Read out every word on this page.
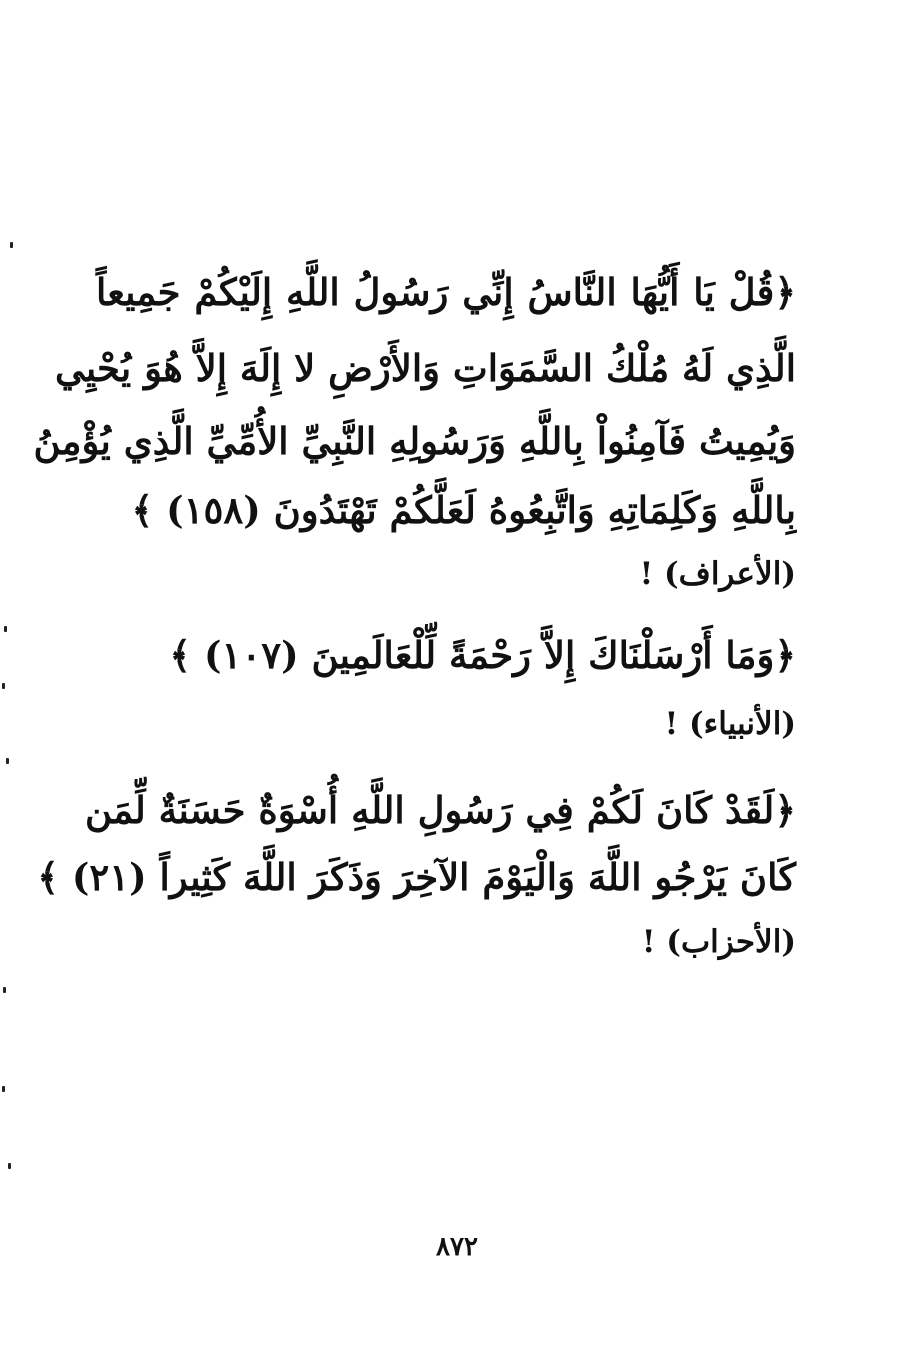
﴿قُلْ يَا أَيُّهَا النَّاسُ إِنِّي رَسُولُ اللَّهِ إِلَيْكُمْ جَمِيعاً
الَّذِي لَهُ مُلْكُ السَّمَوَاتِ وَالأَرْضِ لا إِلَهَ إِلاَّ هُوَ يُحْيِي
وَيُمِيتُ فَآمِنُواْ بِاللَّهِ وَرَسُولِهِ النَّبِيِّ الأُمِّيِّ الَّذِي يُؤْمِنُ
بِاللَّهِ وَكَلِمَاتِهِ وَاتَّبِعُوهُ لَعَلَّكُمْ تَهْتَدُونَ (١٥٨) ﴾
(الأعراف) !
﴿وَمَا أَرْسَلْنَاكَ إِلاَّ رَحْمَةً لِّلْعَالَمِينَ (١٠٧) ﴾
(الأنبياء) !
﴿لَقَدْ كَانَ لَكُمْ فِي رَسُولِ اللَّهِ أُسْوَةٌ حَسَنَةٌ لِّمَن
كَانَ يَرْجُو اللَّهَ وَالْيَوْمَ الآخِرَ وَذَكَرَ اللَّهَ كَثِيراً (٢١) ﴾
(الأحزاب) !
٨٧٢
